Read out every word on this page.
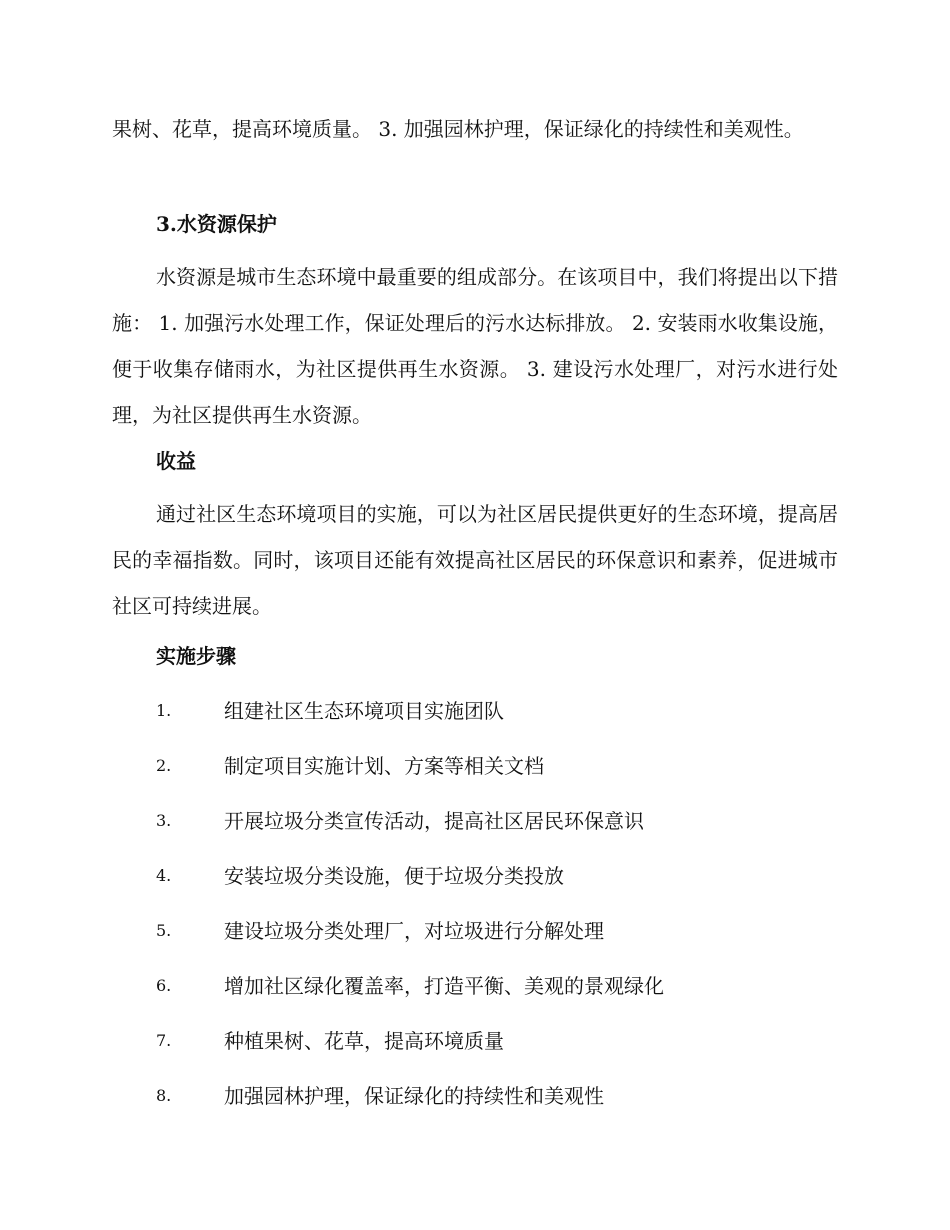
果树、花草，提高环境质量。 3. 加强园林护理，保证绿化的持续性和美观性。

3.水资源保护

水资源是城市生态环境中最重要的组成部分。在该项目中，我们将提出以下措施： 1. 加强污水处理工作，保证处理后的污水达标排放。 2. 安装雨水收集设施，便于收集存储雨水，为社区提供再生水资源。 3. 建设污水处理厂，对污水进行处理，为社区提供再生水资源。

收益

通过社区生态环境项目的实施，可以为社区居民提供更好的生态环境，提高居民的幸福指数。同时，该项目还能有效提高社区居民的环保意识和素养，促进城市社区可持续进展。

实施步骤
1.	组建社区生态环境项目实施团队
2.	制定项目实施计划、方案等相关文档
3.	开展垃圾分类宣传活动，提高社区居民环保意识
4.	安装垃圾分类设施，便于垃圾分类投放
5.	建设垃圾分类处理厂，对垃圾进行分解处理
6.	增加社区绿化覆盖率，打造平衡、美观的景观绿化
7.	种植果树、花草，提高环境质量
8.	加强园林护理，保证绿化的持续性和美观性
